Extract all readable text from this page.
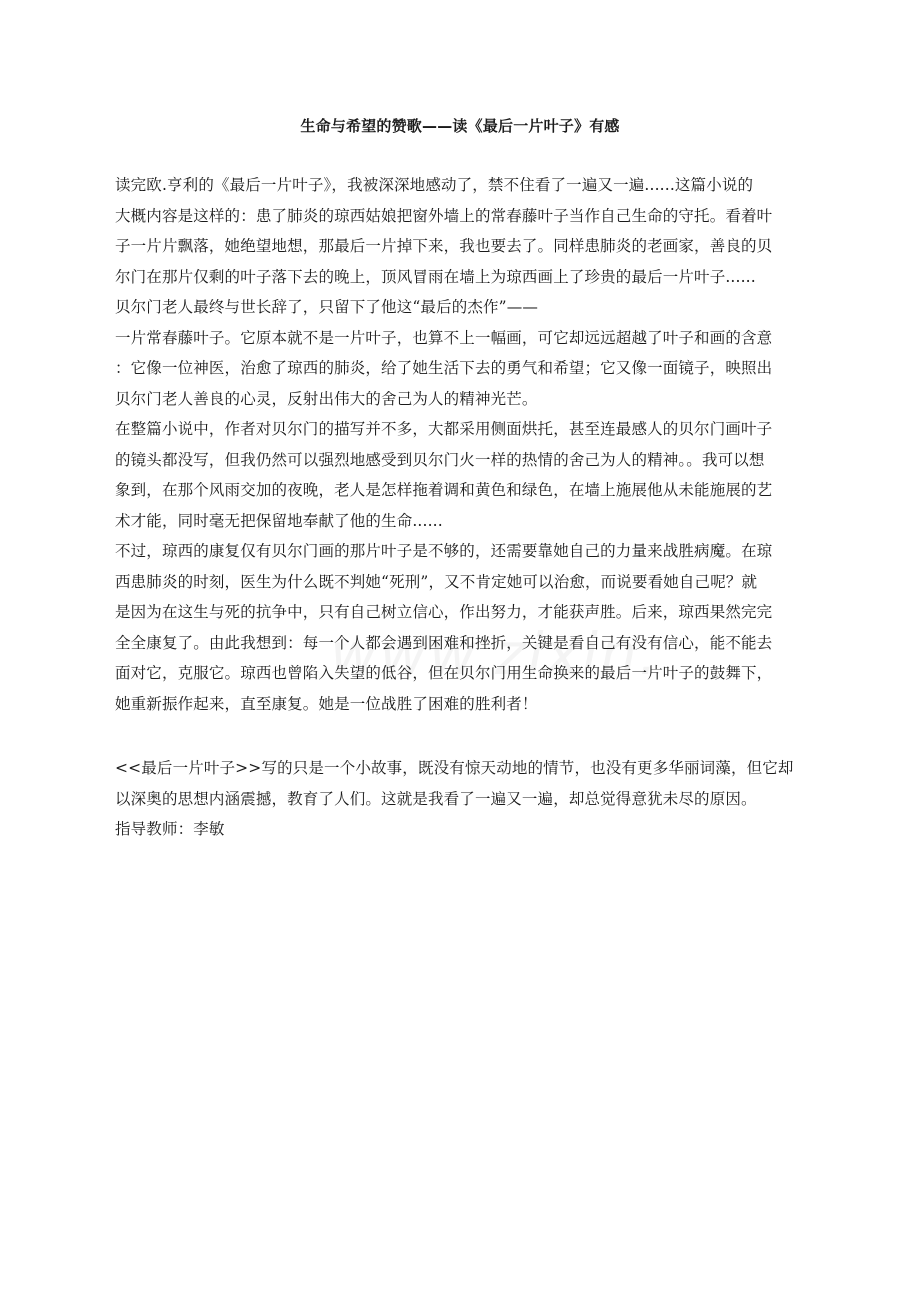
生命与希望的赞歌——读《最后一片叶子》有感
读完欧.亨利的《最后一片叶子》，我被深深地感动了，禁不住看了一遍又一遍......这篇小说的
大概内容是这样的：患了肺炎的琼西姑娘把窗外墙上的常春藤叶子当作自己生命的守托。看着叶
子一片片飘落，她绝望地想，那最后一片掉下来，我也要去了。同样患肺炎的老画家，善良的贝
尔门在那片仅剩的叶子落下去的晚上，顶风冒雨在墙上为琼西画上了珍贵的最后一片叶子......
贝尔门老人最终与世长辞了，只留下了他这“最后的杰作”——
一片常春藤叶子。它原本就不是一片叶子，也算不上一幅画，可它却远远超越了叶子和画的含意
：它像一位神医，治愈了琼西的肺炎，给了她生活下去的勇气和希望；它又像一面镜子，映照出
贝尔门老人善良的心灵，反射出伟大的舍己为人的精神光芒。
在整篇小说中，作者对贝尔门的描写并不多，大都采用侧面烘托，甚至连最感人的贝尔门画叶子
的镜头都没写，但我仍然可以强烈地感受到贝尔门火一样的热情的舍己为人的精神。。我可以想
象到，在那个风雨交加的夜晚，老人是怎样拖着调和黄色和绿色，在墙上施展他从未能施展的艺
术才能，同时毫无把保留地奉献了他的生命......
不过，琼西的康复仅有贝尔门画的那片叶子是不够的，还需要靠她自己的力量来战胜病魔。在琼
西患肺炎的时刻，医生为什么既不判她“死刑”，又不肯定她可以治愈，而说要看她自己呢？就
是因为在这生与死的抗争中，只有自己树立信心，作出努力，才能获声胜。后来，琼西果然完完
全全康复了。由此我想到：每一个人都会遇到困难和挫折，关键是看自己有没有信心，能不能去
面对它，克服它。琼西也曾陷入失望的低谷，但在贝尔门用生命换来的最后一片叶子的鼓舞下，
她重新振作起来，直至康复。她是一位战胜了困难的胜利者！
<<最后一片叶子>>写的只是一个小故事，既没有惊天动地的情节，也没有更多华丽词藻，但它却
以深奥的思想内涵震撼，教育了人们。这就是我看了一遍又一遍，却总觉得意犹未尽的原因。
指导教师：李敏
